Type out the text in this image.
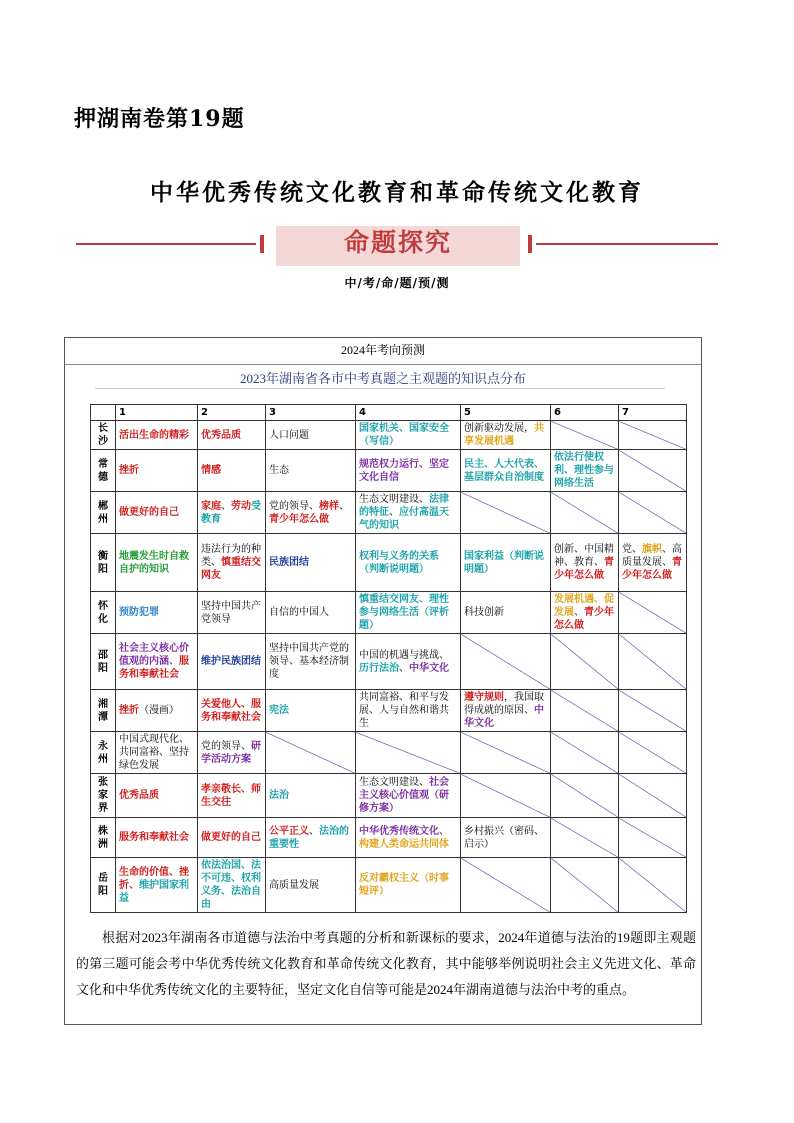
押湖南卷第19题
中华优秀传统文化教育和革命传统文化教育
命题探究
中/考/命/题/预/测
2024年考向预测
2023年湖南省各市中考真题之主观题的知识点分布
	1	2	3	4	5	6	7
长沙	活出生命的精彩	优秀品质	人口问题	国家机关、国家安全（写信）	创新驱动发展，共享发展机遇		
常德	挫折	情感	生态	规范权力运行、坚定文化自信	民主、人大代表、基层群众自治制度	依法行使权利、理性参与网络生活	
郴州	做更好的自己	家庭、劳动受教育	党的领导、榜样、青少年怎么做	生态文明建设、法律的特征、应付高温天气的知识			
衡阳	地震发生时自救自护的知识	违法行为的种类、慎重结交网友	民族团结	权利与义务的关系（判断说明题）	国家利益（判断说明题）	创新、中国精神、教育、青少年怎么做	党、旗帜、高质量发展、青少年怎么做
怀化	预防犯罪	坚持中国共产党领导	自信的中国人	慎重结交网友、理性参与网络生活（评析题）	科技创新	发展机遇、促发展、青少年怎么做	
邵阳	社会主义核心价值观的内涵、服务和奉献社会	维护民族团结	坚持中国共产党的领导、基本经济制度	中国的机遇与挑战、历行法治、中华文化			
湘潭	挫折（漫画）	关爱他人、服务和奉献社会	宪法	共同富裕、和平与发展、人与自然和谐共生	遵守规则，我国取得成就的原因、中华文化		
永州	中国式现代化、共同富裕、坚持绿色发展	党的领导、研学活动方案					
张家界	优秀品质	孝亲敬长、师生交往	法治	生态文明建设、社会主义核心价值观（研修方案）			
株洲	服务和奉献社会	做更好的自己	公平正义、法治的重要性	中华优秀传统文化、构建人类命运共同体	乡村振兴（密码、启示）		
岳阳	生命的价值、挫折、维护国家利益	依法治国、法不可违、权利义务、法治自由	高质量发展	反对霸权主义（时事短评）			
根据对2023年湖南各市道德与法治中考真题的分析和新课标的要求，2024年道德与法治的19题即主观题的第三题可能会考中华优秀传统文化教育和革命传统文化教育，其中能够举例说明社会主义先进文化、革命文化和中华优秀传统文化的主要特征，坚定文化自信等可能是2024年湖南道德与法治中考的重点。
